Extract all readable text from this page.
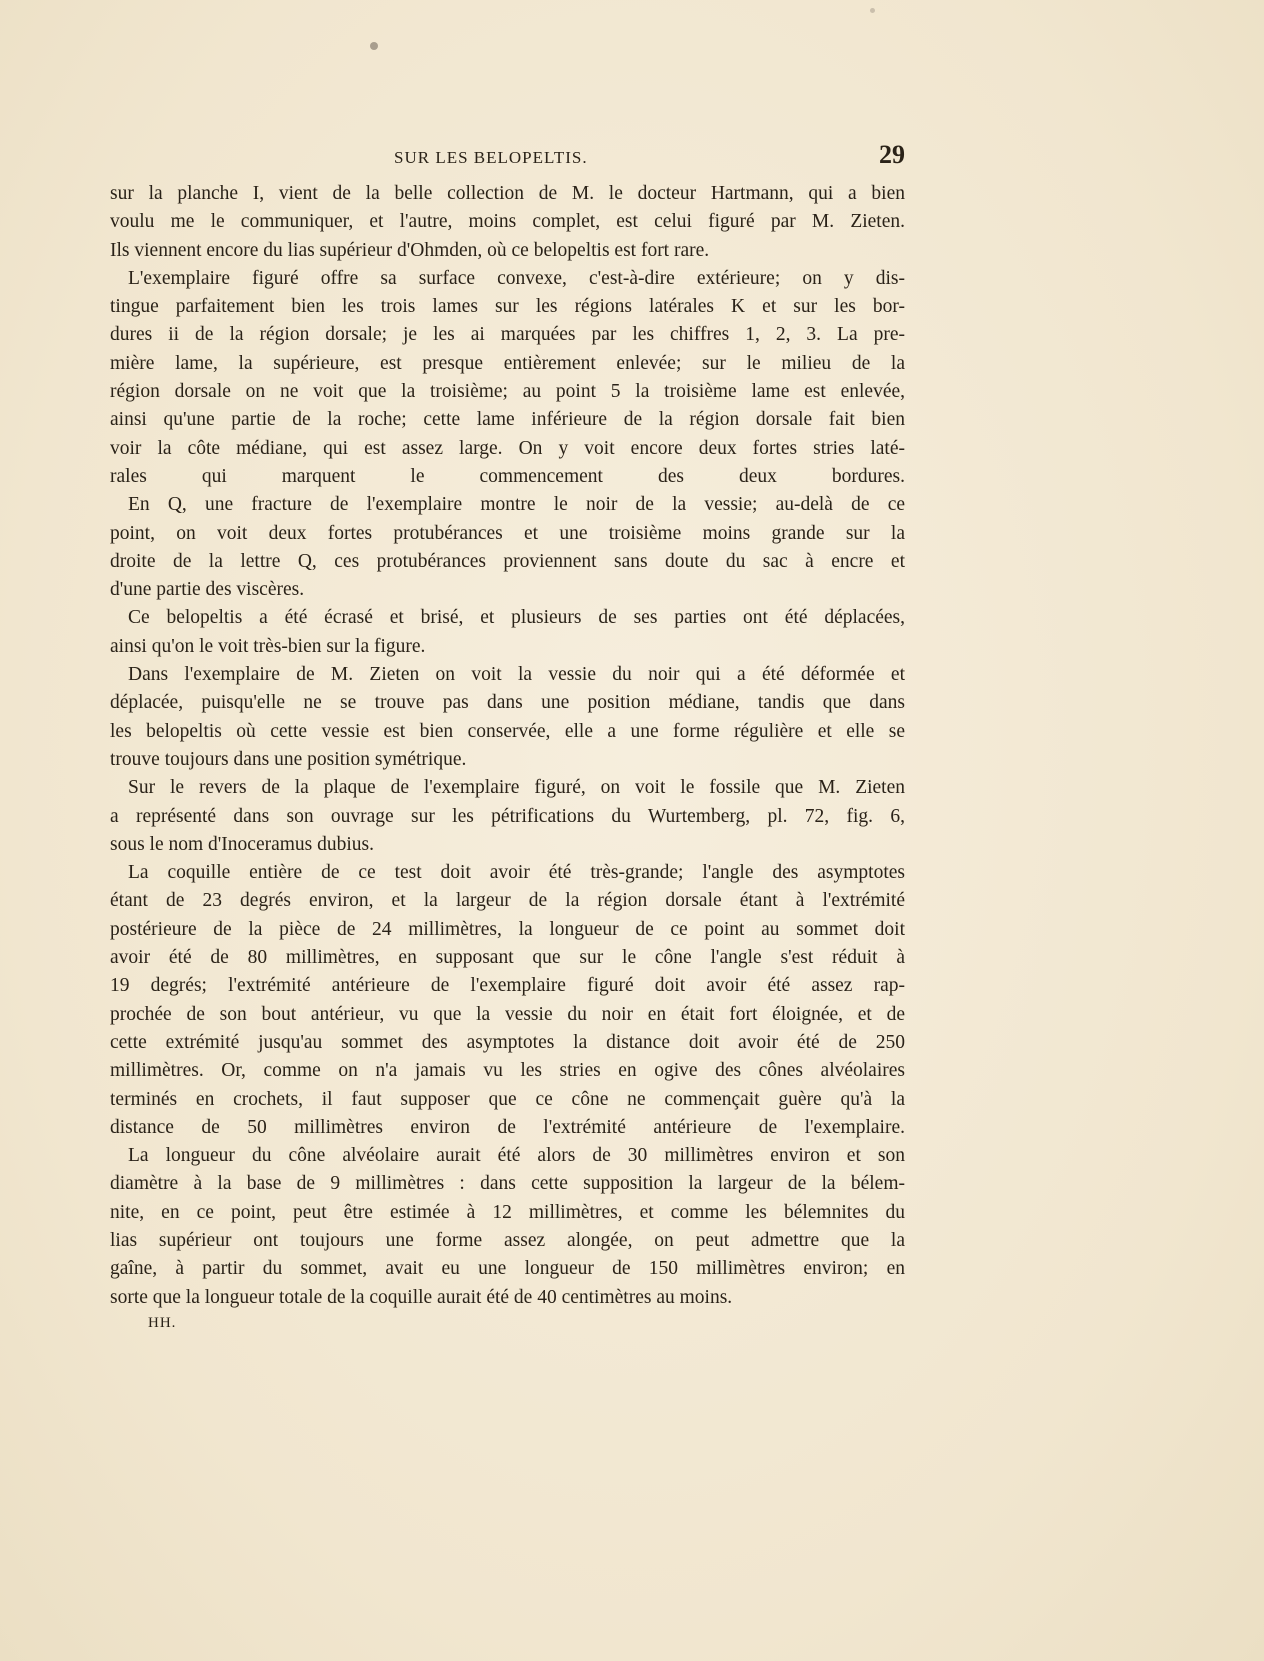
SUR LES BELOPELTIS.	29
sur la planche I, vient de la belle collection de M. le docteur Hartmann, qui a bien
voulu me le communiquer, et l'autre, moins complet, est celui figuré par M. Zieten.
Ils viennent encore du lias supérieur d'Ohmden, où ce belopeltis est fort rare.
L'exemplaire figuré offre sa surface convexe, c'est-à-dire extérieure; on y dis-
tingue parfaitement bien les trois lames sur les régions latérales K et sur les bor-
dures ii de la région dorsale; je les ai marquées par les chiffres 1, 2, 3. La pre-
mière lame, la supérieure, est presque entièrement enlevée; sur le milieu de la
région dorsale on ne voit que la troisième; au point 5 la troisième lame est enlevée,
ainsi qu'une partie de la roche; cette lame inférieure de la région dorsale fait bien
voir la côte médiane, qui est assez large. On y voit encore deux fortes stries laté-
rales qui marquent le commencement des deux bordures.
En Q, une fracture de l'exemplaire montre le noir de la vessie; au-delà de ce
point, on voit deux fortes protubérances et une troisième moins grande sur la
droite de la lettre Q, ces protubérances proviennent sans doute du sac à encre et
d'une partie des viscères.
Ce belopeltis a été écrasé et brisé, et plusieurs de ses parties ont été déplacées,
ainsi qu'on le voit très-bien sur la figure.
Dans l'exemplaire de M. Zieten on voit la vessie du noir qui a été déformée et
déplacée, puisqu'elle ne se trouve pas dans une position médiane, tandis que dans
les belopeltis où cette vessie est bien conservée, elle a une forme régulière et elle se
trouve toujours dans une position symétrique.
Sur le revers de la plaque de l'exemplaire figuré, on voit le fossile que M. Zieten
a représenté dans son ouvrage sur les pétrifications du Wurtemberg, pl. 72, fig. 6,
sous le nom d'Inoceramus dubius.
La coquille entière de ce test doit avoir été très-grande; l'angle des asymptotes
étant de 23 degrés environ, et la largeur de la région dorsale étant à l'extrémité
postérieure de la pièce de 24 millimètres, la longueur de ce point au sommet doit
avoir été de 80 millimètres, en supposant que sur le cône l'angle s'est réduit à
19 degrés; l'extrémité antérieure de l'exemplaire figuré doit avoir été assez rap-
prochée de son bout antérieur, vu que la vessie du noir en était fort éloignée, et de
cette extrémité jusqu'au sommet des asymptotes la distance doit avoir été de 250
millimètres. Or, comme on n'a jamais vu les stries en ogive des cônes alvéolaires
terminés en crochets, il faut supposer que ce cône ne commençait guère qu'à la
distance de 50 millimètres environ de l'extrémité antérieure de l'exemplaire.
La longueur du cône alvéolaire aurait été alors de 30 millimètres environ et son
diamètre à la base de 9 millimètres : dans cette supposition la largeur de la bélem-
nite, en ce point, peut être estimée à 12 millimètres, et comme les bélemnites du
lias supérieur ont toujours une forme assez alongée, on peut admettre que la
gaîne, à partir du sommet, avait eu une longueur de 150 millimètres environ; en
sorte que la longueur totale de la coquille aurait été de 40 centimètres au moins.
HH.
